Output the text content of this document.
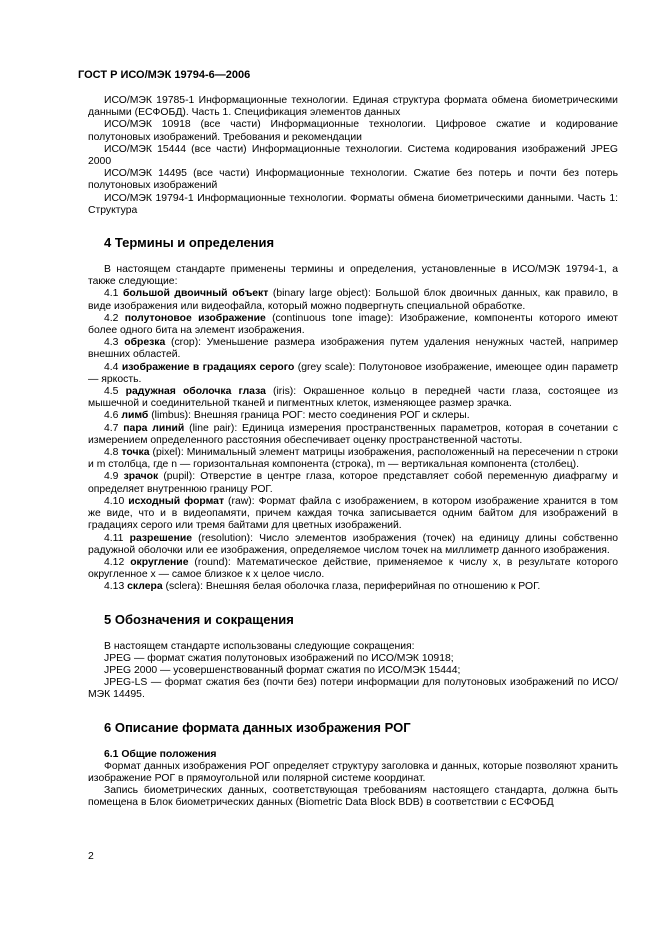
ГОСТ Р ИСО/МЭК 19794-6—2006

ИСО/МЭК 19785-1 Информационные технологии. Единая структура формата обмена биометрическими данными (ЕСФОБД). Часть 1. Спецификация элементов данных

ИСО/МЭК 10918 (все части) Информационные технологии. Цифровое сжатие и кодирование полутоновых изображений. Требования и рекомендации

ИСО/МЭК 15444 (все части) Информационные технологии. Система кодирования изображений JPEG 2000

ИСО/МЭК 14495 (все части) Информационные технологии. Сжатие без потерь и почти без потерь полутоновых изображений

ИСО/МЭК 19794-1 Информационные технологии. Форматы обмена биометрическими данными. Часть 1: Структура

4 Термины и определения

В настоящем стандарте применены термины и определения, установленные в ИСО/МЭК 19794-1, а также следующие:

4.1 большой двоичный объект (binary large object): Большой блок двоичных данных, как правило, в виде изображения или видеофайла, который можно подвергнуть специальной обработке.

4.2 полутоновое изображение (continuous tone image): Изображение, компоненты которого имеют более одного бита на элемент изображения.

4.3 обрезка (crop): Уменьшение размера изображения путем удаления ненужных частей, например внешних областей.

4.4 изображение в градациях серого (grey scale): Полутоновое изображение, имеющее один параметр — яркость.

4.5 радужная оболочка глаза (iris): Окрашенное кольцо в передней части глаза, состоящее из мышечной и соединительной тканей и пигментных клеток, изменяющее размер зрачка.

4.6 лимб (limbus): Внешняя граница РОГ: место соединения РОГ и склеры.

4.7 пара линий (line pair): Единица измерения пространственных параметров, которая в сочетании с измерением определенного расстояния обеспечивает оценку пространственной частоты.

4.8 точка (pixel): Минимальный элемент матрицы изображения, расположенный на пересечении n строки и m столбца, где n — горизонтальная компонента (строка), m — вертикальная компонента (столбец).

4.9 зрачок (pupil): Отверстие в центре глаза, которое представляет собой переменную диафрагму и определяет внутреннюю границу РОГ.

4.10 исходный формат (raw): Формат файла с изображением, в котором изображение хранится в том же виде, что и в видеопамяти, причем каждая точка записывается одним байтом для изображений в градациях серого или тремя байтами для цветных изображений.

4.11 разрешение (resolution): Число элементов изображения (точек) на единицу длины собственно радужной оболочки или ее изображения, определяемое числом точек на миллиметр данного изображения.

4.12 округление (round): Математическое действие, применяемое к числу x, в результате которого округленное x — самое близкое к x целое число.

4.13 склера (sclera): Внешняя белая оболочка глаза, периферийная по отношению к РОГ.

5 Обозначения и сокращения

В настоящем стандарте использованы следующие сокращения:

JPEG — формат сжатия полутоновых изображений по ИСО/МЭК 10918;

JPEG 2000 — усовершенствованный формат сжатия по ИСО/МЭК 15444;

JPEG-LS — формат сжатия без (почти без) потери информации для полутоновых изображений по ИСО/МЭК 14495.

6 Описание формата данных изображения РОГ
6.1 Общие положения

Формат данных изображения РОГ определяет структуру заголовка и данных, которые позволяют хранить изображение РОГ в прямоугольной или полярной системе координат.

Запись биометрических данных, соответствующая требованиям настоящего стандарта, должна быть помещена в Блок биометрических данных (Biometric Data Block BDB) в соответствии с ЕСФОБД

2
